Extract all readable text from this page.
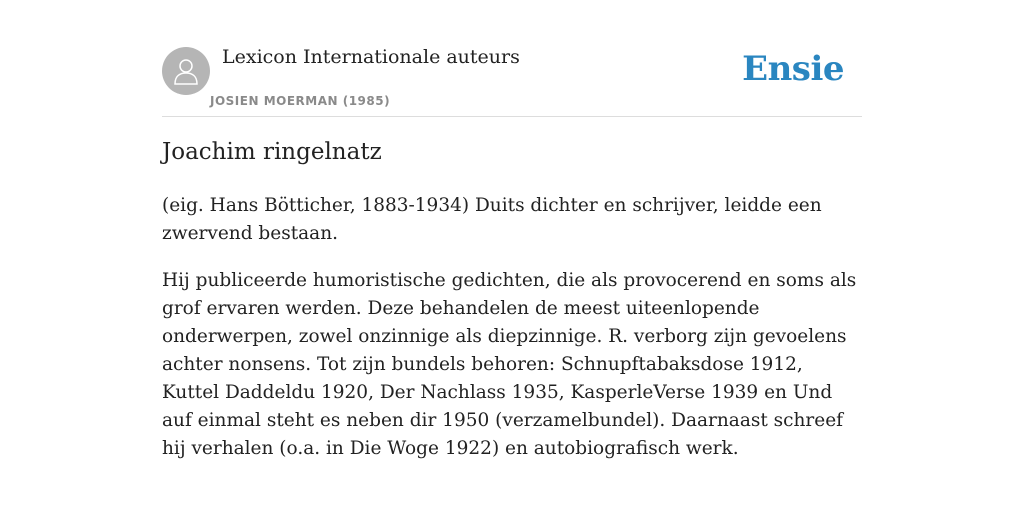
Lexicon Internationale auteurs
JOSIEN MOERMAN (1985)
Ensie
Joachim ringelnatz

(eig. Hans Bötticher, 1883-1934) Duits dichter en schrijver, leidde een zwervend bestaan.

Hij publiceerde humoristische gedichten, die als provocerend en soms als grof ervaren werden. Deze behandelen de meest uiteenlopende onderwerpen, zowel onzinnige als diepzinnige. R. verborg zijn gevoelens achter nonsens. Tot zijn bundels behoren: Schnupftabaksdose 1912, Kuttel Daddeldu 1920, Der Nachlass 1935, KasperleVerse 1939 en Und auf einmal steht es neben dir 1950 (verzamelbundel). Daarnaast schreef hij verhalen (o.a. in Die Woge 1922) en autobiografisch werk.
